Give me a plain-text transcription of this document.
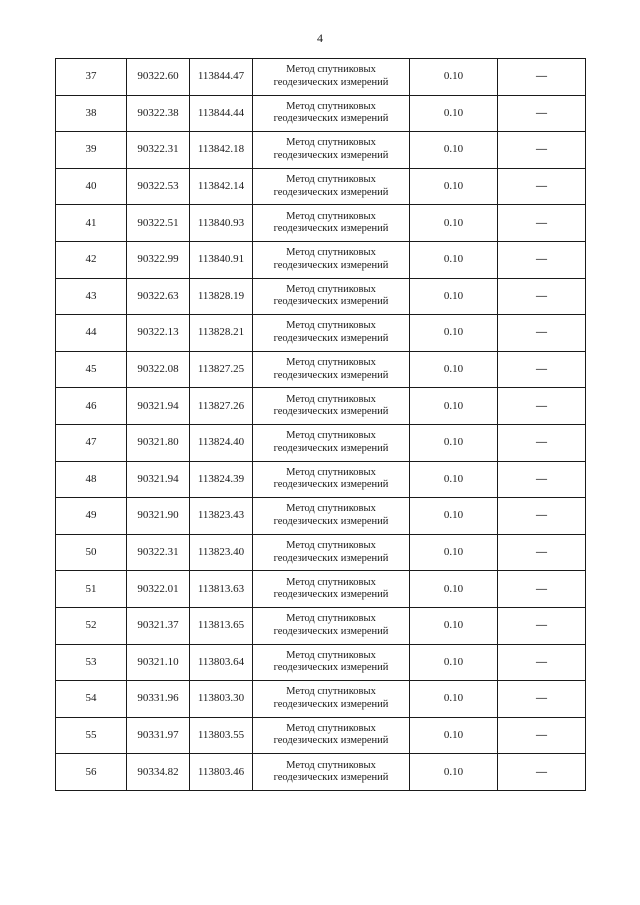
4
37	90322.60	113844.47	Метод спутниковых
геодезических измерений	0.10	—
38	90322.38	113844.44	Метод спутниковых
геодезических измерений	0.10	—
39	90322.31	113842.18	Метод спутниковых
геодезических измерений	0.10	—
40	90322.53	113842.14	Метод спутниковых
геодезических измерений	0.10	—
41	90322.51	113840.93	Метод спутниковых
геодезических измерений	0.10	—
42	90322.99	113840.91	Метод спутниковых
геодезических измерений	0.10	—
43	90322.63	113828.19	Метод спутниковых
геодезических измерений	0.10	—
44	90322.13	113828.21	Метод спутниковых
геодезических измерений	0.10	—
45	90322.08	113827.25	Метод спутниковых
геодезических измерений	0.10	—
46	90321.94	113827.26	Метод спутниковых
геодезических измерений	0.10	—
47	90321.80	113824.40	Метод спутниковых
геодезических измерений	0.10	—
48	90321.94	113824.39	Метод спутниковых
геодезических измерений	0.10	—
49	90321.90	113823.43	Метод спутниковых
геодезических измерений	0.10	—
50	90322.31	113823.40	Метод спутниковых
геодезических измерений	0.10	—
51	90322.01	113813.63	Метод спутниковых
геодезических измерений	0.10	—
52	90321.37	113813.65	Метод спутниковых
геодезических измерений	0.10	—
53	90321.10	113803.64	Метод спутниковых
геодезических измерений	0.10	—
54	90331.96	113803.30	Метод спутниковых
геодезических измерений	0.10	—
55	90331.97	113803.55	Метод спутниковых
геодезических измерений	0.10	—
56	90334.82	113803.46	Метод спутниковых
геодезических измерений	0.10	—
